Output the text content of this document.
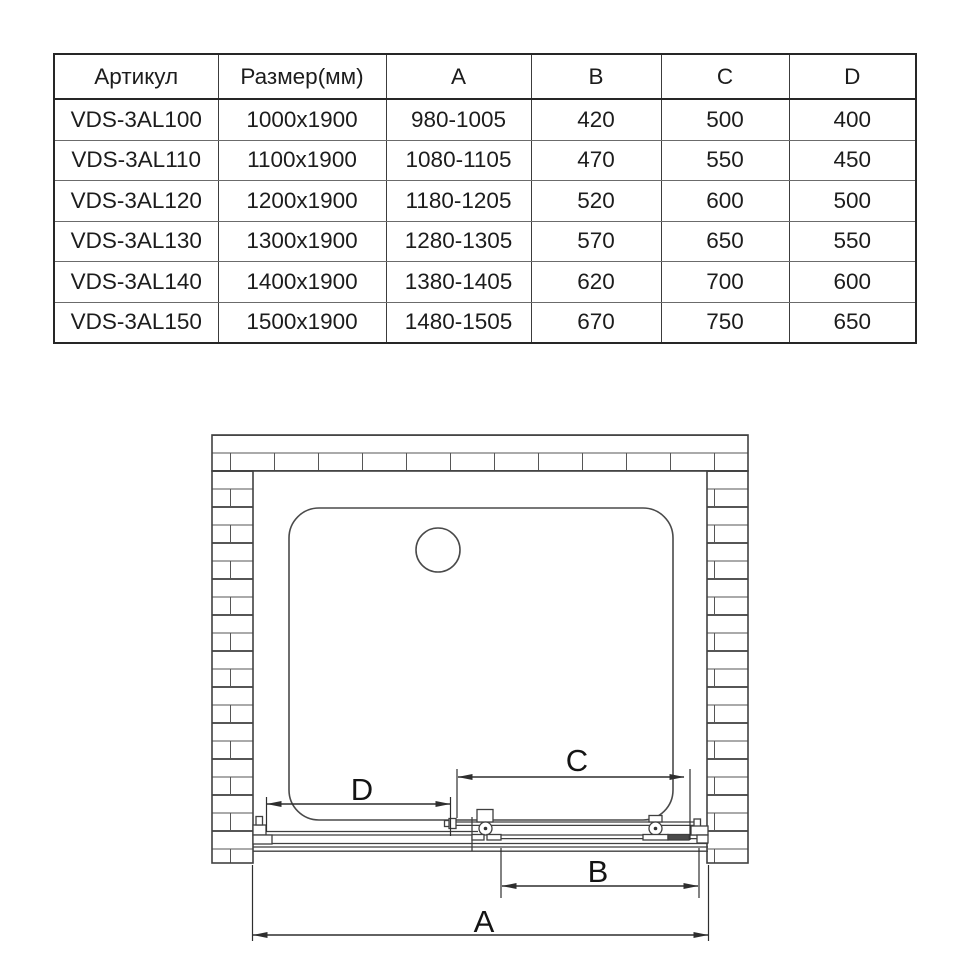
Артикул	Размер(мм)	A	B	C	D
VDS-3AL100	1000x1900	980-1005	420	500	400
VDS-3AL110	1100x1900	1080-1105	470	550	450
VDS-3AL120	1200x1900	1180-1205	520	600	500
VDS-3AL130	1300x1900	1280-1305	570	650	550
VDS-3AL140	1400x1900	1380-1405	620	700	600
VDS-3AL150	1500x1900	1480-1505	670	750	650
C
D
B
A
